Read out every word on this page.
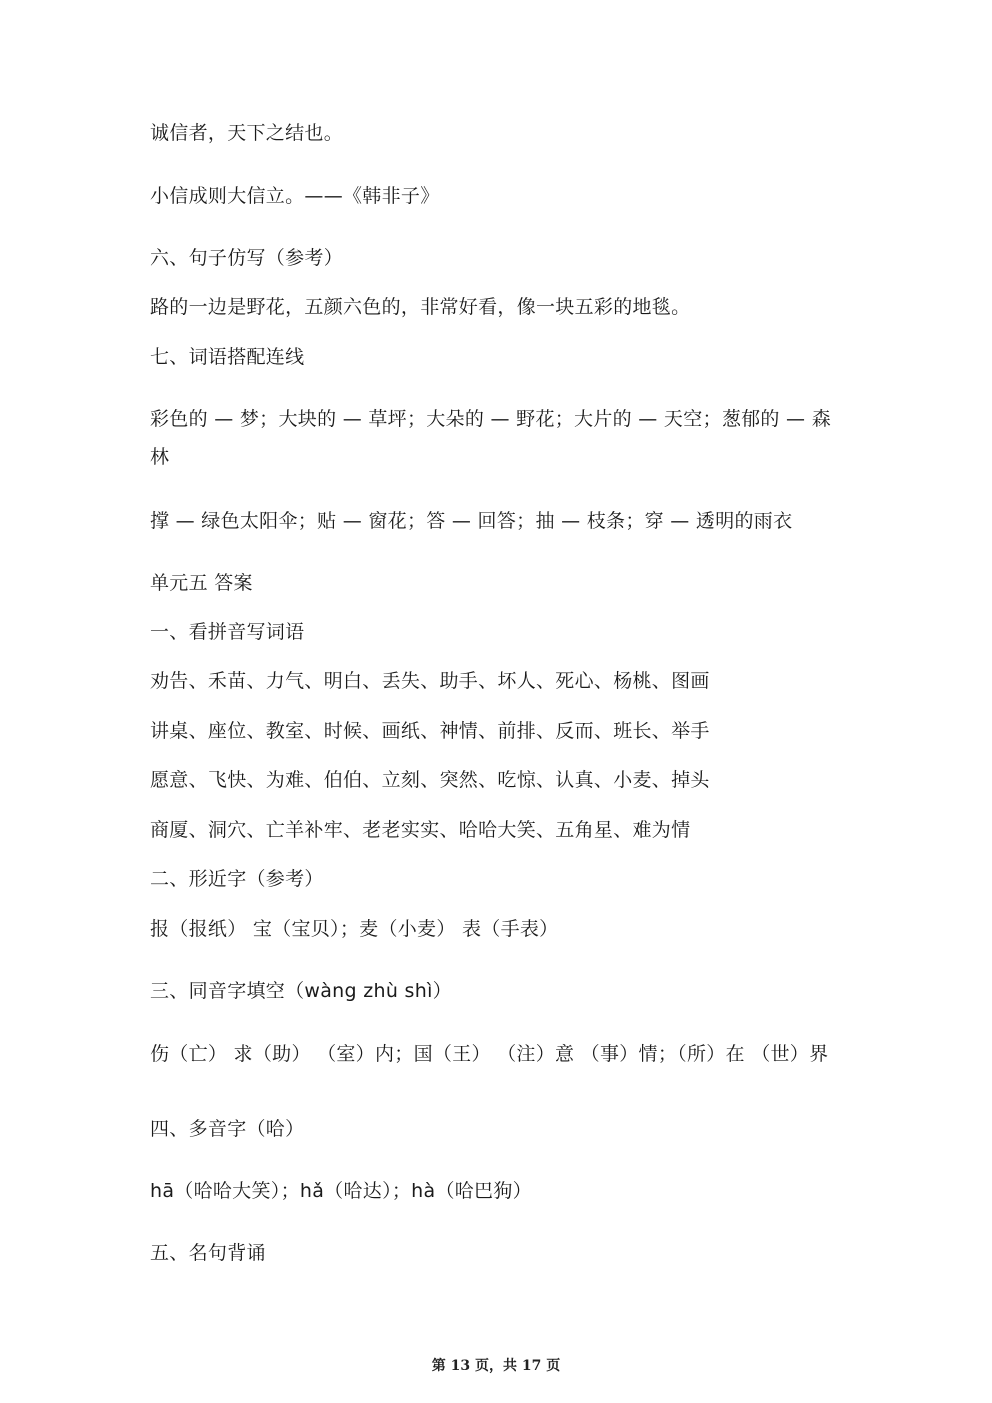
诚信者，天下之结也。
小信成则大信立。——《韩非子》
六、句子仿写（参考）
路的一边是野花，五颜六色的，非常好看，像一块五彩的地毯。
七、词语搭配连线
彩色的 — 梦；大块的 — 草坪；大朵的 — 野花；大片的 — 天空；葱郁的 — 森林
撑 — 绿色太阳伞；贴 — 窗花；答 — 回答；抽 — 枝条；穿 — 透明的雨衣
单元五 答案
一、看拼音写词语
劝告、禾苗、力气、明白、丢失、助手、坏人、死心、杨桃、图画
讲桌、座位、教室、时候、画纸、神情、前排、反而、班长、举手
愿意、飞快、为难、伯伯、立刻、突然、吃惊、认真、小麦、掉头
商厦、洞穴、亡羊补牢、老老实实、哈哈大笑、五角星、难为情
二、形近字（参考）
报（报纸） 宝（宝贝）；麦（小麦） 表（手表）
三、同音字填空（wàng zhù shì）
伤（亡） 求（助） （室）内；国（王） （注）意 （事）情；（所）在 （世）界
四、多音字（哈）
hā（哈哈大笑）；hǎ（哈达）；hà（哈巴狗）
五、名句背诵
第 13 页，共 17 页
